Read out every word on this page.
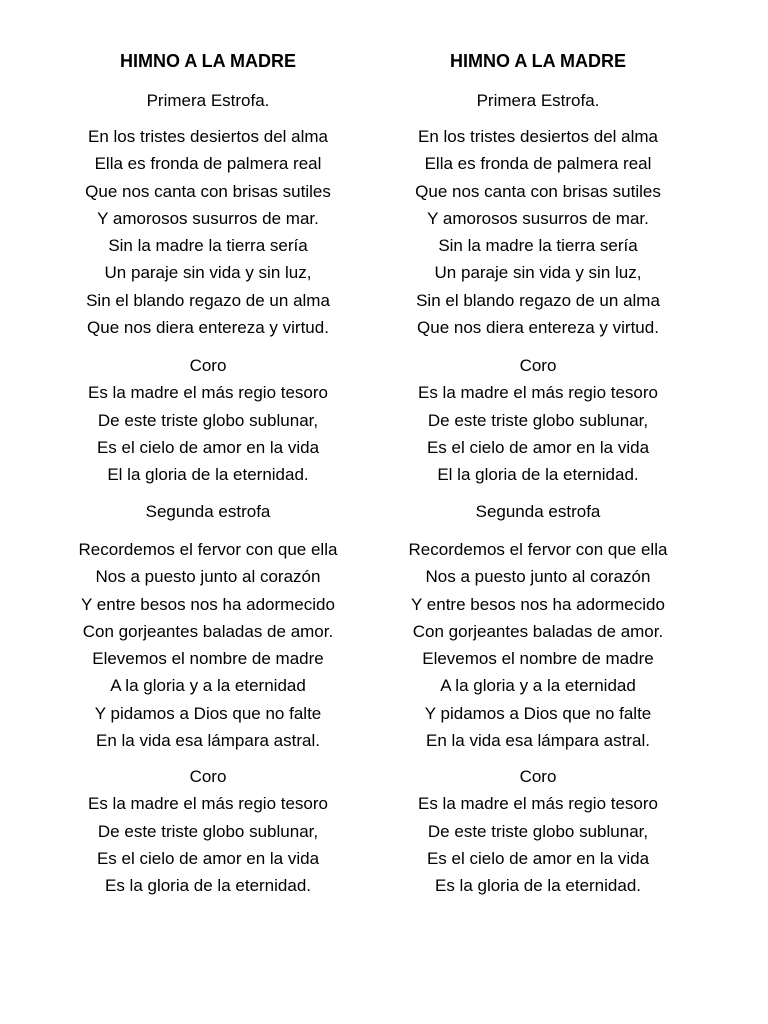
HIMNO A LA MADRE

Primera Estrofa.

En los tristes desiertos del alma
Ella es fronda de palmera real
Que nos canta con brisas sutiles
Y amorosos susurros de mar.
Sin la madre la tierra sería
Un paraje sin vida y sin luz,
Sin el blando regazo de un alma
Que nos diera entereza y virtud.
Coro
Es la madre el más regio tesoro
De este triste globo sublunar,
Es el cielo de amor en la vida
El la gloria de la eternidad.

Segunda estrofa

Recordemos el fervor con que ella
Nos a puesto junto al corazón
Y entre besos nos ha adormecido
Con gorjeantes baladas de amor.
Elevemos el nombre de madre
A la gloria y a la eternidad
Y pidamos a Dios que no falte
En la vida esa lámpara astral.
Coro
Es la madre el más regio tesoro
De este triste globo sublunar,
Es el cielo de amor en la vida
Es la gloria de la eternidad.
HIMNO A LA MADRE

Primera Estrofa.

En los tristes desiertos del alma
Ella es fronda de palmera real
Que nos canta con brisas sutiles
Y amorosos susurros de mar.
Sin la madre la tierra sería
Un paraje sin vida y sin luz,
Sin el blando regazo de un alma
Que nos diera entereza y virtud.
Coro
Es la madre el más regio tesoro
De este triste globo sublunar,
Es el cielo de amor en la vida
El la gloria de la eternidad.

Segunda estrofa

Recordemos el fervor con que ella
Nos a puesto junto al corazón
Y entre besos nos ha adormecido
Con gorjeantes baladas de amor.
Elevemos el nombre de madre
A la gloria y a la eternidad
Y pidamos a Dios que no falte
En la vida esa lámpara astral.
Coro
Es la madre el más regio tesoro
De este triste globo sublunar,
Es el cielo de amor en la vida
Es la gloria de la eternidad.
